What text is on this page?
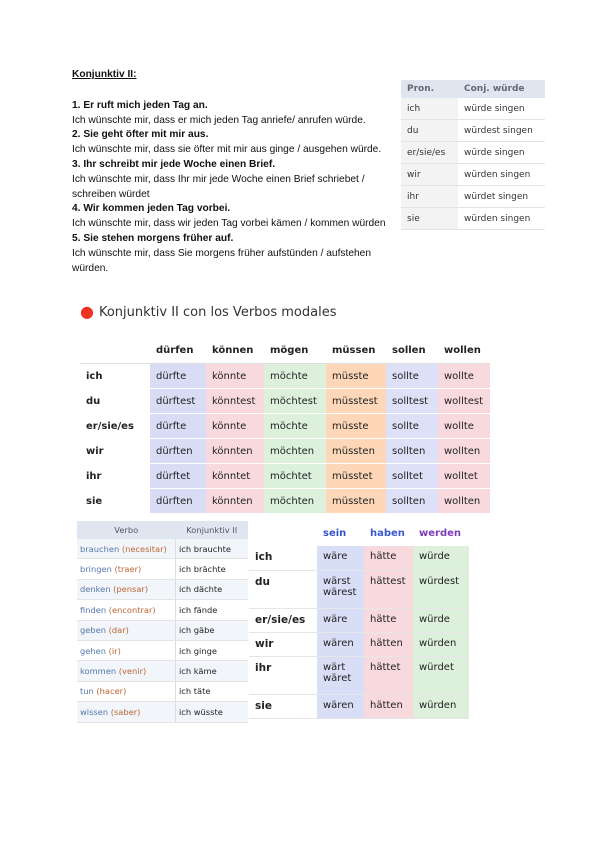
Konjunktiv II:
1. Er ruft mich jeden Tag an.
Ich wünschte mir, dass er mich jeden Tag anriefe/ anrufen würde.
2. Sie geht öfter mit mir aus.
Ich wünschte mir, dass sie öfter mit mir aus ginge / ausgehen würde.
3. Ihr schreibt mir jede Woche einen Brief.
Ich wünschte mir, dass Ihr mir jede Woche einen Brief schriebet / schreiben würdet
4. Wir kommen jeden Tag vorbei.
Ich wünschte mir, dass wir jeden Tag vorbei kämen / kommen würden
5. Sie stehen morgens früher auf.
Ich wünschte mir, dass Sie morgens früher aufstünden / aufstehen würden.
Pron.	Conj. würde
ich	würde singen
du	würdest singen
er/sie/es	würde singen
wir	würden singen
ihr	würdet singen
sie	würden singen
● Konjunktiv II con los Verbos modales
	dürfen	können	mögen	müssen	sollen	wollen
ich	dürfte	könnte	möchte	müsste	sollte	wollte
du	dürftest	könntest	möchtest	müsstest	solltest	wolltest
er/sie/es	dürfte	könnte	möchte	müsste	sollte	wollte
wir	dürften	könnten	möchten	müssten	sollten	wollten
ihr	dürftet	könntet	möchtet	müsstet	solltet	wolltet
sie	dürften	könnten	möchten	müssten	sollten	wollten
Verbo	Konjunktiv II
brauchen (necesitar)	ich brauchte
bringen (traer)	ich brächte
denken (pensar)	ich dächte
finden (encontrar)	ich fände
geben (dar)	ich gäbe
gehen (ir)	ich ginge
kommen (venir)	ich käme
tun (hacer)	ich täte
wissen (saber)	ich wüsste
	sein	haben	werden
ich	wäre	hätte	würde
du	wärst wärest	hättest	würdest
er/sie/es	wäre	hätte	würde
wir	wären	hätten	würden
ihr	wärt wäret	hättet	würdet
sie	wären	hätten	würden
